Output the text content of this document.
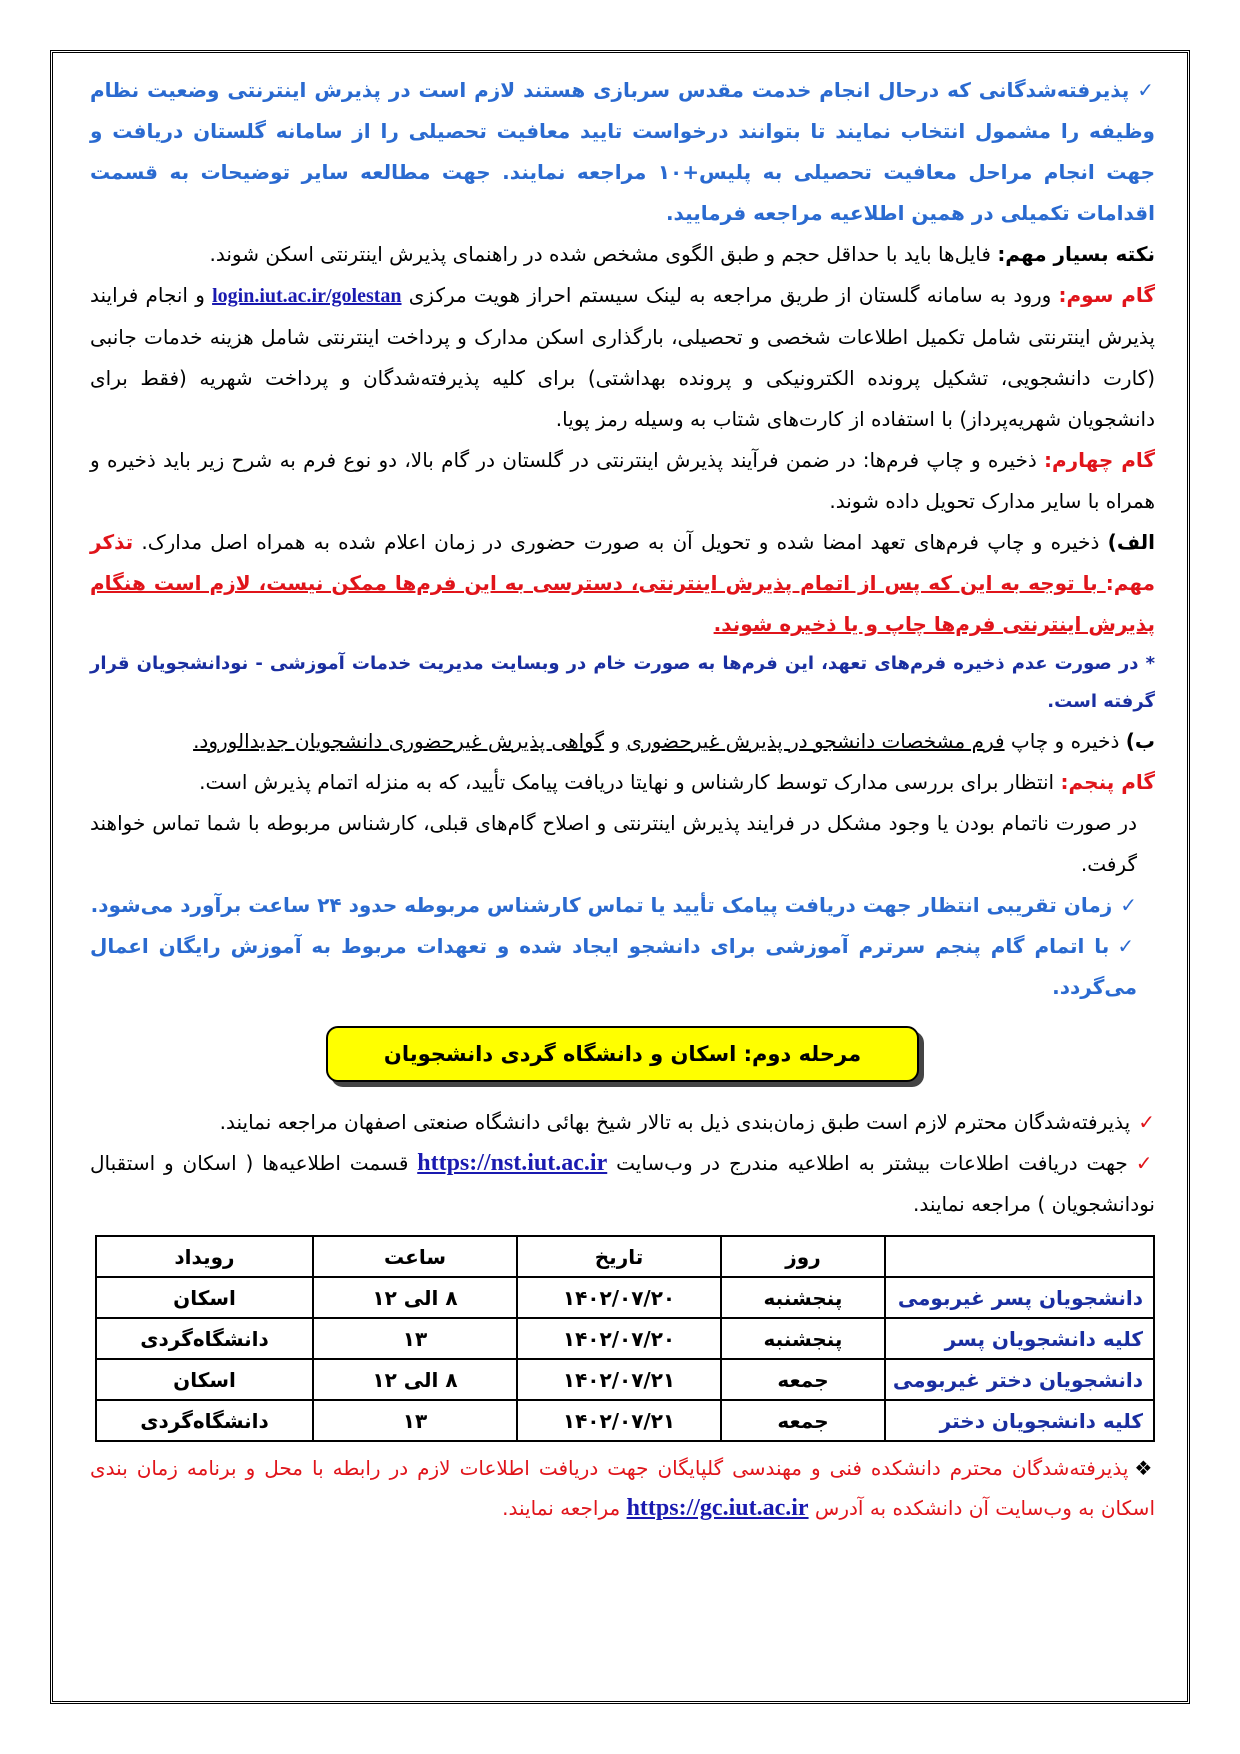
✓پذیرفته‌شدگانی که درحال انجام خدمت مقدس سربازی هستند لازم است در پذیرش اینترنتی وضعیت نظام وظیفه را مشمول انتخاب نمایند تا بتوانند درخواست تایید معافیت تحصیلی را از سامانه گلستان دریافت و جهت انجام مراحل معافیت تحصیلی به پلیس+۱۰ مراجعه نمایند. جهت مطالعه سایر توضیحات به قسمت اقدامات تکمیلی در همین اطلاعیه مراجعه فرمایید.

نکته بسیار مهم: فایل‌ها باید با حداقل حجم و طبق الگوی مشخص شده در راهنمای پذیرش اینترنتی اسکن شوند.

گام سوم: ورود به سامانه گلستان از طریق مراجعه به لینک سیستم احراز هویت مرکزی login.iut.ac.ir/golestan و انجام فرایند پذیرش اینترنتی شامل تکمیل اطلاعات شخصی و تحصیلی، بارگذاری اسکن مدارک و پرداخت اینترنتی شامل هزینه خدمات جانبی (کارت دانشجویی، تشکیل پرونده الکترونیکی و پرونده بهداشتی) برای کلیه پذیرفته‌شدگان و پرداخت شهریه (فقط برای دانشجویان شهریه‌پرداز) با استفاده از کارت‌های شتاب به وسیله رمز پویا.

گام چهارم: ذخیره و چاپ فرم‌ها: در ضمن فرآیند پذیرش اینترنتی در گلستان در گام بالا، دو نوع فرم به شرح زیر باید ذخیره و همراه با سایر مدارک تحویل داده شوند.

الف) ذخیره و چاپ فرم‌های تعهد امضا شده و تحویل آن به صورت حضوری در زمان اعلام شده به همراه اصل مدارک. تذکر مهم: با توجه به این که پس از اتمام پذیرش اینترنتی، دسترسی به این فرم‌ها ممکن نیست، لازم است هنگام پذیرش اینترنتی فرم‌ها چاپ و یا ذخیره شوند.

* در صورت عدم ذخیره فرم‌های تعهد، این فرم‌ها به صورت خام در وبسایت مدیریت خدمات آموزشی - نودانشجویان قرار گرفته است.

ب) ذخیره و چاپ فرم مشخصات دانشجو در پذیرش غیرحضوری و گواهی پذیرش غیرحضوری دانشجویان جدیدالورود.

گام پنجم: انتظار برای بررسی مدارک توسط کارشناس و نهایتا دریافت پیامک تأیید، که به منزله اتمام پذیرش است.

در صورت ناتمام بودن یا وجود مشکل در فرایند پذیرش اینترنتی و اصلاح گام‌های قبلی، کارشناس مربوطه با شما تماس خواهند گرفت.

✓زمان تقریبی انتظار جهت دریافت پیامک تأیید یا تماس کارشناس مربوطه حدود ۲۴ ساعت برآورد می‌شود.

✓با اتمام گام پنجم سرترم آموزشی برای دانشجو ایجاد شده و تعهدات مربوط به آموزش رایگان اعمال می‌گردد.

مرحله دوم: اسکان و دانشگاه گردی دانشجویان

✓پذیرفته‌شدگان محترم لازم است طبق زمان‌بندی ذیل به تالار شیخ بهائی دانشگاه صنعتی اصفهان مراجعه نمایند.

✓جهت دریافت اطلاعات بیشتر به اطلاعیه مندرج در وب‌سایت https://nst.iut.ac.ir قسمت اطلاعیه‌ها ( اسکان و استقبال نودانشجویان ) مراجعه نمایند.

	روز	تاریخ	ساعت	رویداد
دانشجویان پسر غیربومی	پنجشنبه	۱۴۰۲/۰۷/۲۰	۸ الی ۱۲	اسکان
کلیه دانشجویان پسر	پنجشنبه	۱۴۰۲/۰۷/۲۰	۱۳	دانشگاه‌گردی
دانشجویان دختر غیربومی	جمعه	۱۴۰۲/۰۷/۲۱	۸ الی ۱۲	اسکان
کلیه دانشجویان دختر	جمعه	۱۴۰۲/۰۷/۲۱	۱۳	دانشگاه‌گردی

❖پذیرفته‌شدگان محترم دانشکده فنی و مهندسی گلپایگان جهت دریافت اطلاعات لازم در رابطه با محل و برنامه زمان بندی اسکان به وب‌سایت آن دانشکده به آدرس https://gc.iut.ac.ir مراجعه نمایند.
